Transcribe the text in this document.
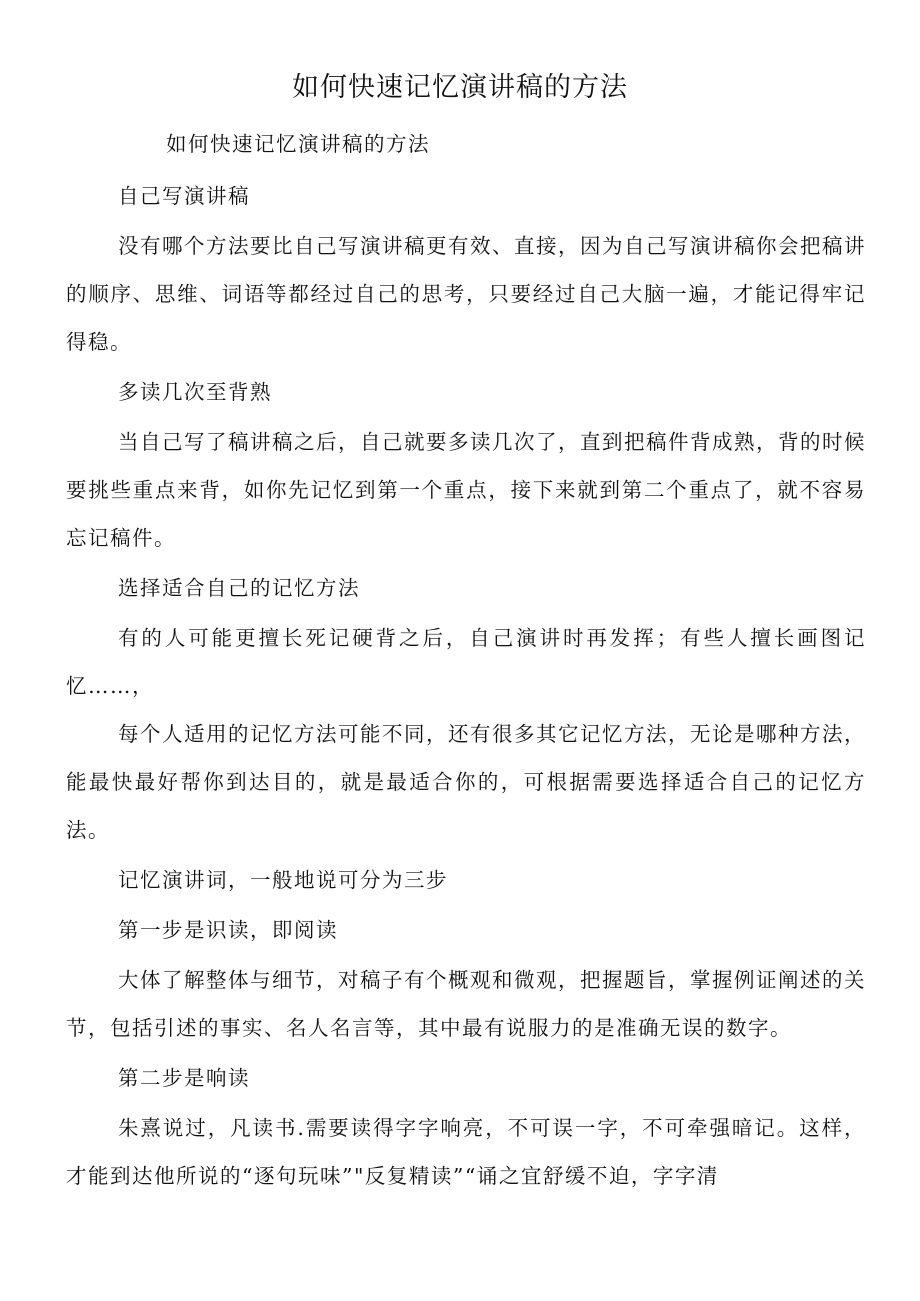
如何快速记忆演讲稿的方法

如何快速记忆演讲稿的方法

自己写演讲稿

没有哪个方法要比自己写演讲稿更有效、直接，因为自己写演讲稿你会把稿讲的顺序、思维、词语等都经过自己的思考，只要经过自己大脑一遍，才能记得牢记得稳。

多读几次至背熟

当自己写了稿讲稿之后，自己就要多读几次了，直到把稿件背成熟，背的时候要挑些重点来背，如你先记忆到第一个重点，接下来就到第二个重点了，就不容易忘记稿件。

选择适合自己的记忆方法

有的人可能更擅长死记硬背之后，自己演讲时再发挥；有些人擅长画图记忆……，

每个人适用的记忆方法可能不同，还有很多其它记忆方法，无论是哪种方法，能最快最好帮你到达目的，就是最适合你的，可根据需要选择适合自己的记忆方法。

记忆演讲词，一般地说可分为三步

第一步是识读，即阅读

大体了解整体与细节，对稿子有个概观和微观，把握题旨，掌握例证阐述的关节，包括引述的事实、名人名言等，其中最有说服力的是准确无误的数字。

第二步是响读

朱熹说过，凡读书.需要读得字字响亮，不可误一字，不可牵强暗记。这样，才能到达他所说的“逐句玩味”"反复精读”“诵之宜舒缓不迫，字字清
